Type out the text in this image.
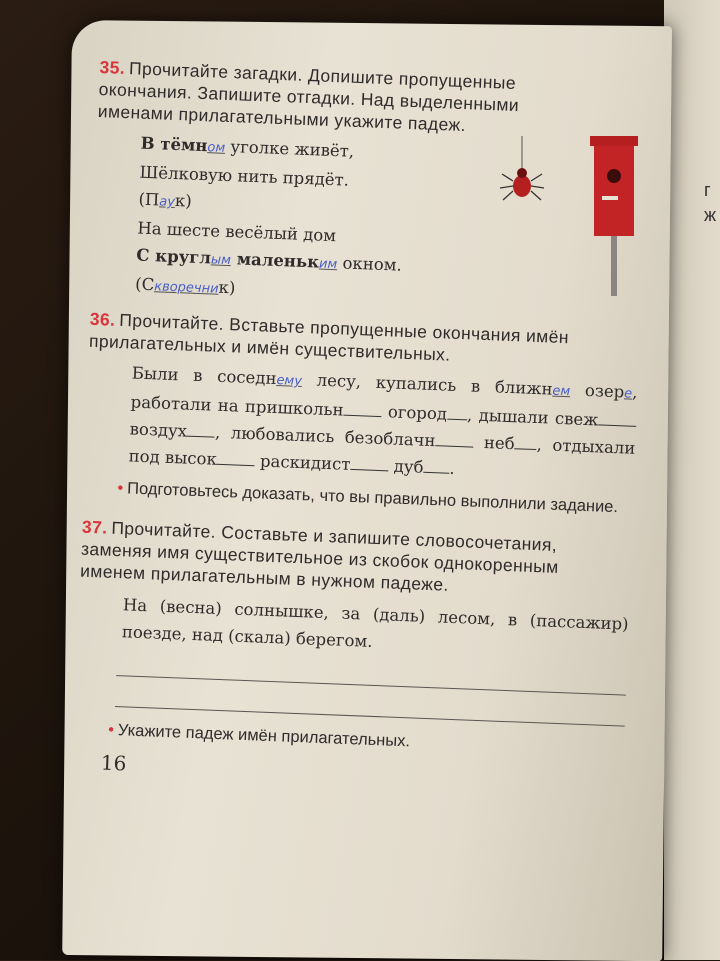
г
ж
35. Прочитайте загадки. Допишите пропущенные окончания. Запишите отгадки. Над выделенными именами прилагательными укажите падеж.
В тёмном уголке живёт,
Шёлковую нить прядёт.
(Паук)
На шесте весёлый дом
С круглым маленьким окном.
(Скворечник)
36. Прочитайте. Вставьте пропущенные окончания имён прилагательных и имён существительных.
Были в соседнему лесу, купались в ближнем озере, работали на пришкольн огород , дышали свеж воздух , любовались безоблачн неб , отдыхали под высок раскидист дуб .
• Подготовьтесь доказать, что вы правильно выполнили задание.
37. Прочитайте. Составьте и запишите словосочетания, заменяя имя существительное из скобок однокоренным именем прилагательным в нужном падеже.
На (весна) солнышке, за (даль) лесом, в (пассажир) поезде, над (скала) берегом.
• Укажите падеж имён прилагательных.
16
